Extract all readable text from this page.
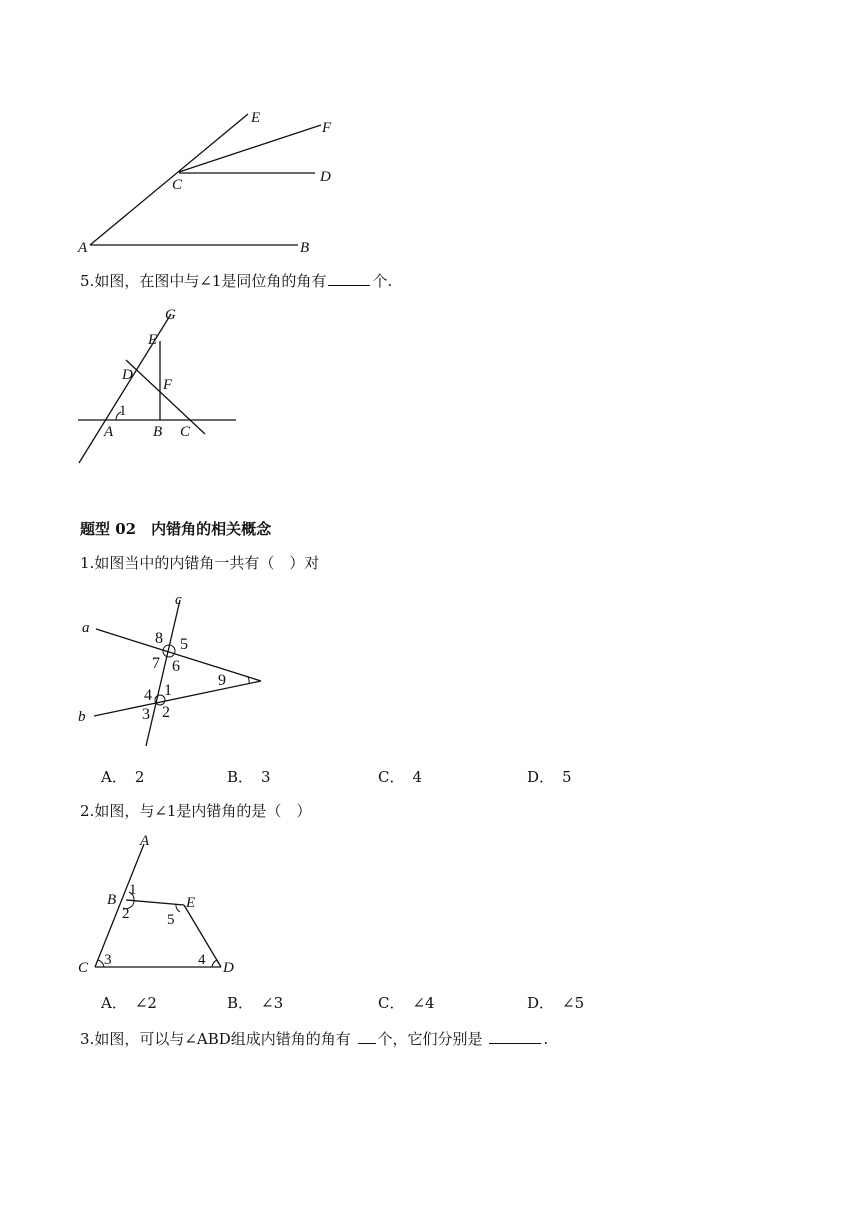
E
F
C	D
A	B
5.如图，在图中与∠1是同位角的角有	个.
G
E
D
F
1
A	B C
题型 02　内错角的相关概念
1.如图当中的内错角一共有（　）对
c
a
8 5
7 6
9
4 1
3 2
b
A． 2	B． 3	C． 4	D． 5
2.如图，与∠1是内错角的是（　）
A
B
1
E
2	5
C 3	4 D
A． ∠2	B． ∠3	C． ∠4	D． ∠5
3.如图，可以与∠ABD组成内错角的角有 个，它们分别是	.
